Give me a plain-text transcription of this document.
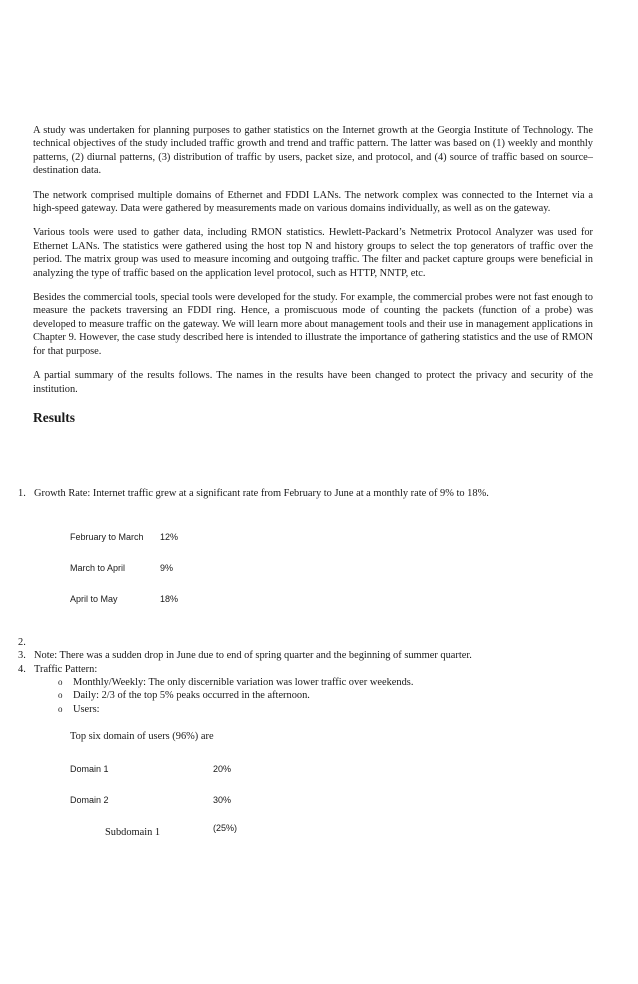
A study was undertaken for planning purposes to gather statistics on the Internet growth at the Georgia Institute of Technology. The technical objectives of the study included traffic growth and trend and traffic pattern. The latter was based on (1) weekly and monthly patterns, (2) diurnal patterns, (3) distribution of traffic by users, packet size, and protocol, and (4) source of traffic based on source–destination data.

The network comprised multiple domains of Ethernet and FDDI LANs. The network complex was connected to the Internet via a high-speed gateway. Data were gathered by measurements made on various domains individually, as well as on the gateway.

Various tools were used to gather data, including RMON statistics. Hewlett-Packard’s Netmetrix Protocol Analyzer was used for Ethernet LANs. The statistics were gathered using the host top N and history groups to select the top generators of traffic over the period. The matrix group was used to measure incoming and outgoing traffic. The filter and packet capture groups were beneficial in analyzing the type of traffic based on the application level protocol, such as HTTP, NNTP, etc.

Besides the commercial tools, special tools were developed for the study. For example, the commercial probes were not fast enough to measure the packets traversing an FDDI ring. Hence, a promiscuous mode of counting the packets (function of a probe) was developed to measure traffic on the gateway. We will learn more about management tools and their use in management applications in Chapter 9. However, the case study described here is intended to illustrate the importance of gathering statistics and the use of RMON for that purpose.

A partial summary of the results follows. The names in the results have been changed to protect the privacy and security of the institution.

Results
1. Growth Rate: Internet traffic grew at a significant rate from February to June at a monthly rate of 9% to 18%.
February to March 12%
March to April	9%
April to May	18%
2.
3. Note: There was a sudden drop in June due to end of spring quarter and the beginning of summer quarter.
4. Traffic Pattern:
o	Monthly/Weekly: The only discernible variation was lower traffic over weekends.
o	Daily: 2/3 of the top 5% peaks occurred in the afternoon.
o	Users:
Top six domain of users (96%) are
Domain 1	20%
Domain 2	30%
Subdomain 1	(25%)
